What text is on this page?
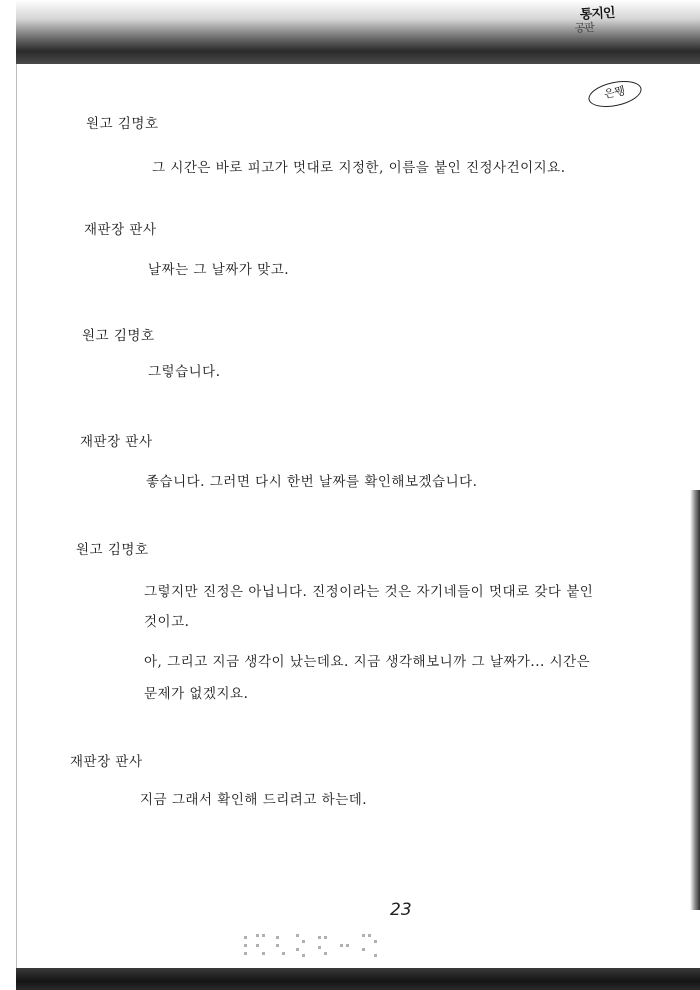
통지인
공판
은뮁
원고 김명호
그 시간은 바로 피고가 멋대로 지정한, 이름을 붙인 진정사건이지요.
재판장 판사
날짜는 그 날짜가 맞고.
원고 김명호
그렇습니다.
재판장 판사
좋습니다. 그러면 다시 한번 날짜를 확인해보겠습니다.
원고 김명호
그렇지만 진정은 아닙니다. 진정이라는 것은 자기네들이 멋대로 갖다 붙인
것이고.
아, 그리고 지금 생각이 났는데요. 지금 생각해보니까 그 날짜가... 시간은
문제가 없겠지요.
재판장 판사
지금 그래서 확인해 드리려고 하는데.
23
